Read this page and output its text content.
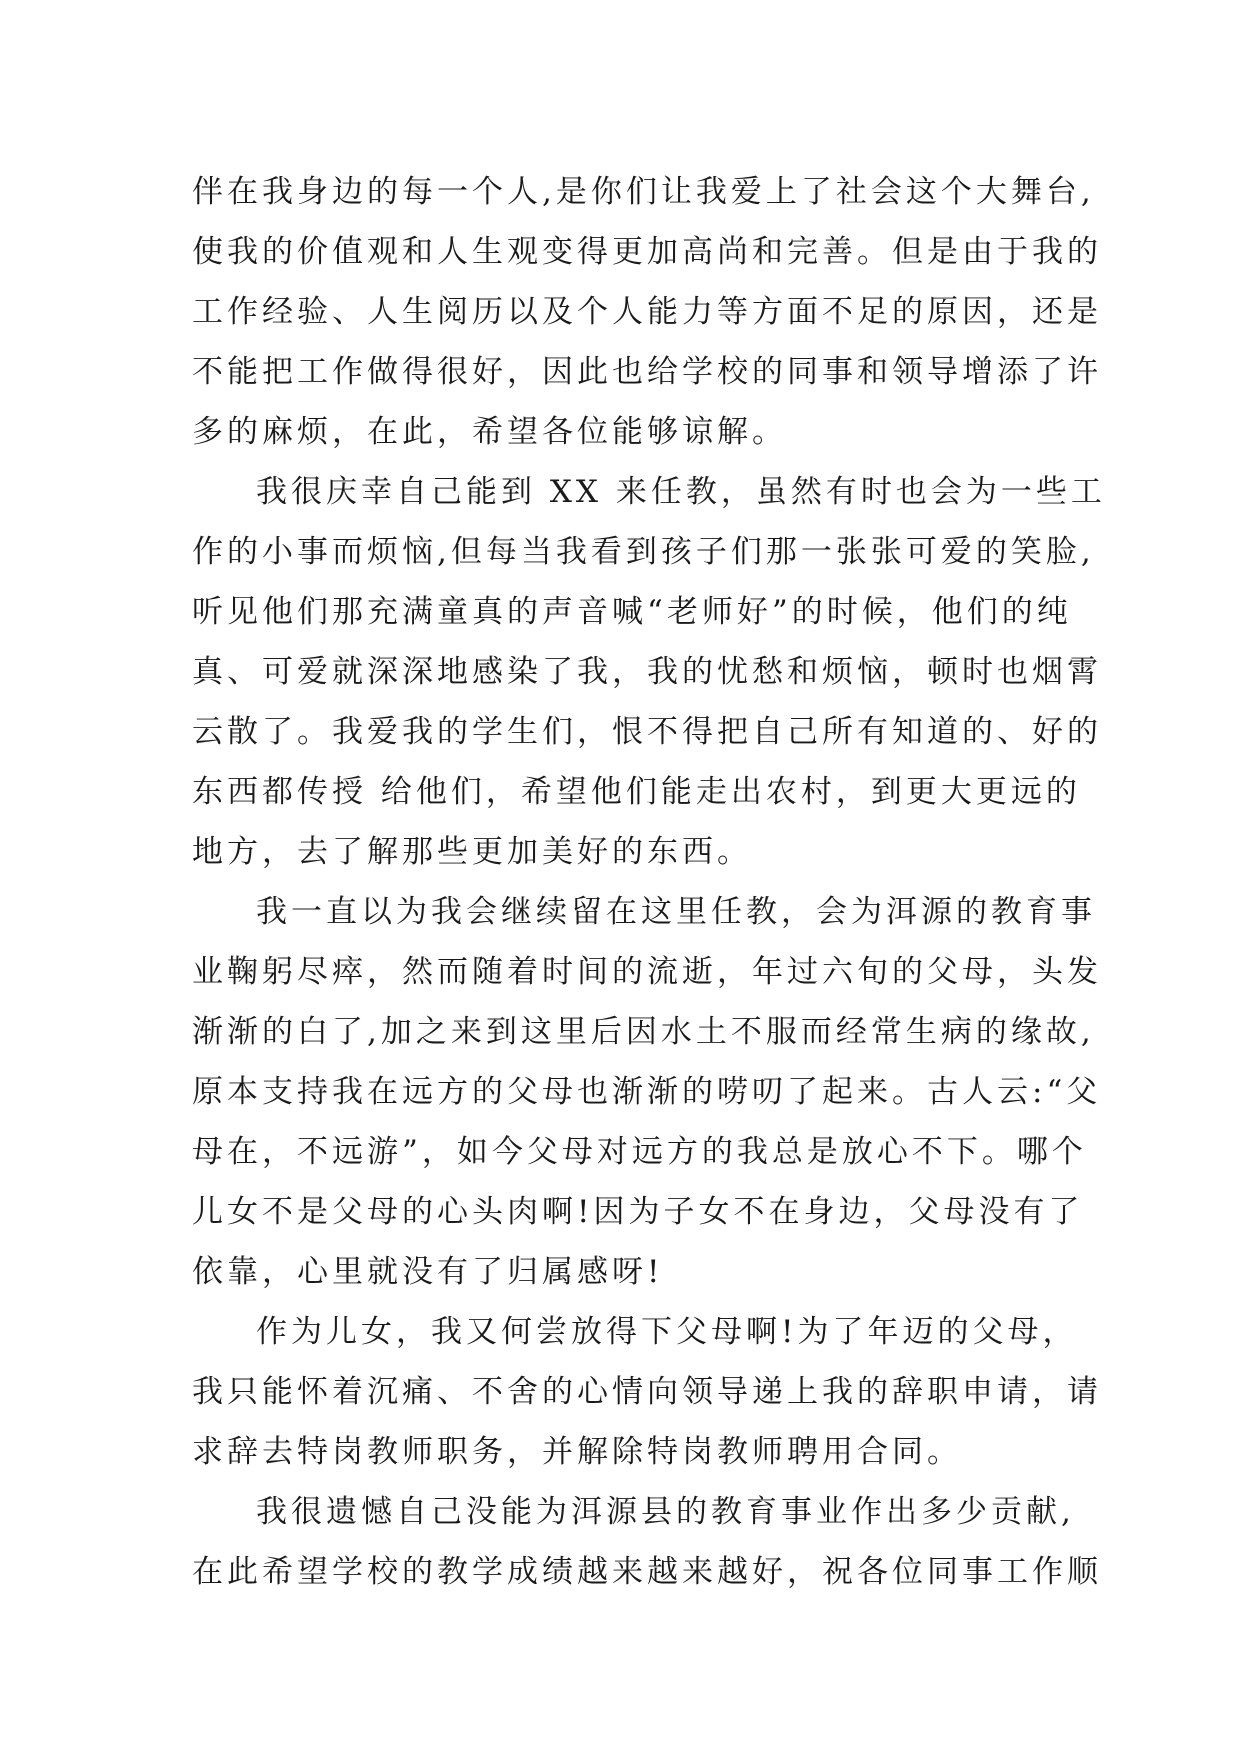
伴在我身边的每一个人,是你们让我爱上了社会这个大舞台,
使我的价值观和人生观变得更加高尚和完善。但是由于我的
工作经验、人生阅历以及个人能力等方面不足的原因，还是
不能把工作做得很好，因此也给学校的同事和领导增添了许
多的麻烦，在此，希望各位能够谅解。
我很庆幸自己能到 XX 来任教，虽然有时也会为一些工
作的小事而烦恼,但每当我看到孩子们那一张张可爱的笑脸,
听见他们那充满童真的声音喊“老师好”的时候，他们的纯
真、可爱就深深地感染了我，我的忧愁和烦恼，顿时也烟霄
云散了。我爱我的学生们，恨不得把自己所有知道的、好的
东西都传授 给他们，希望他们能走出农村，到更大更远的
地方，去了解那些更加美好的东西。
我一直以为我会继续留在这里任教，会为洱源的教育事
业鞠躬尽瘁，然而随着时间的流逝，年过六旬的父母，头发
渐渐的白了,加之来到这里后因水土不服而经常生病的缘故,
原本支持我在远方的父母也渐渐的唠叨了起来。古人云:“父
母在，不远游”，如今父母对远方的我总是放心不下。哪个
儿女不是父母的心头肉啊!因为子女不在身边，父母没有了
依靠，心里就没有了归属感呀!
作为儿女，我又何尝放得下父母啊!为了年迈的父母，
我只能怀着沉痛、不舍的心情向领导递上我的辞职申请，请
求辞去特岗教师职务，并解除特岗教师聘用合同。
我很遗憾自己没能为洱源县的教育事业作出多少贡献,
在此希望学校的教学成绩越来越来越好，祝各位同事工作顺
